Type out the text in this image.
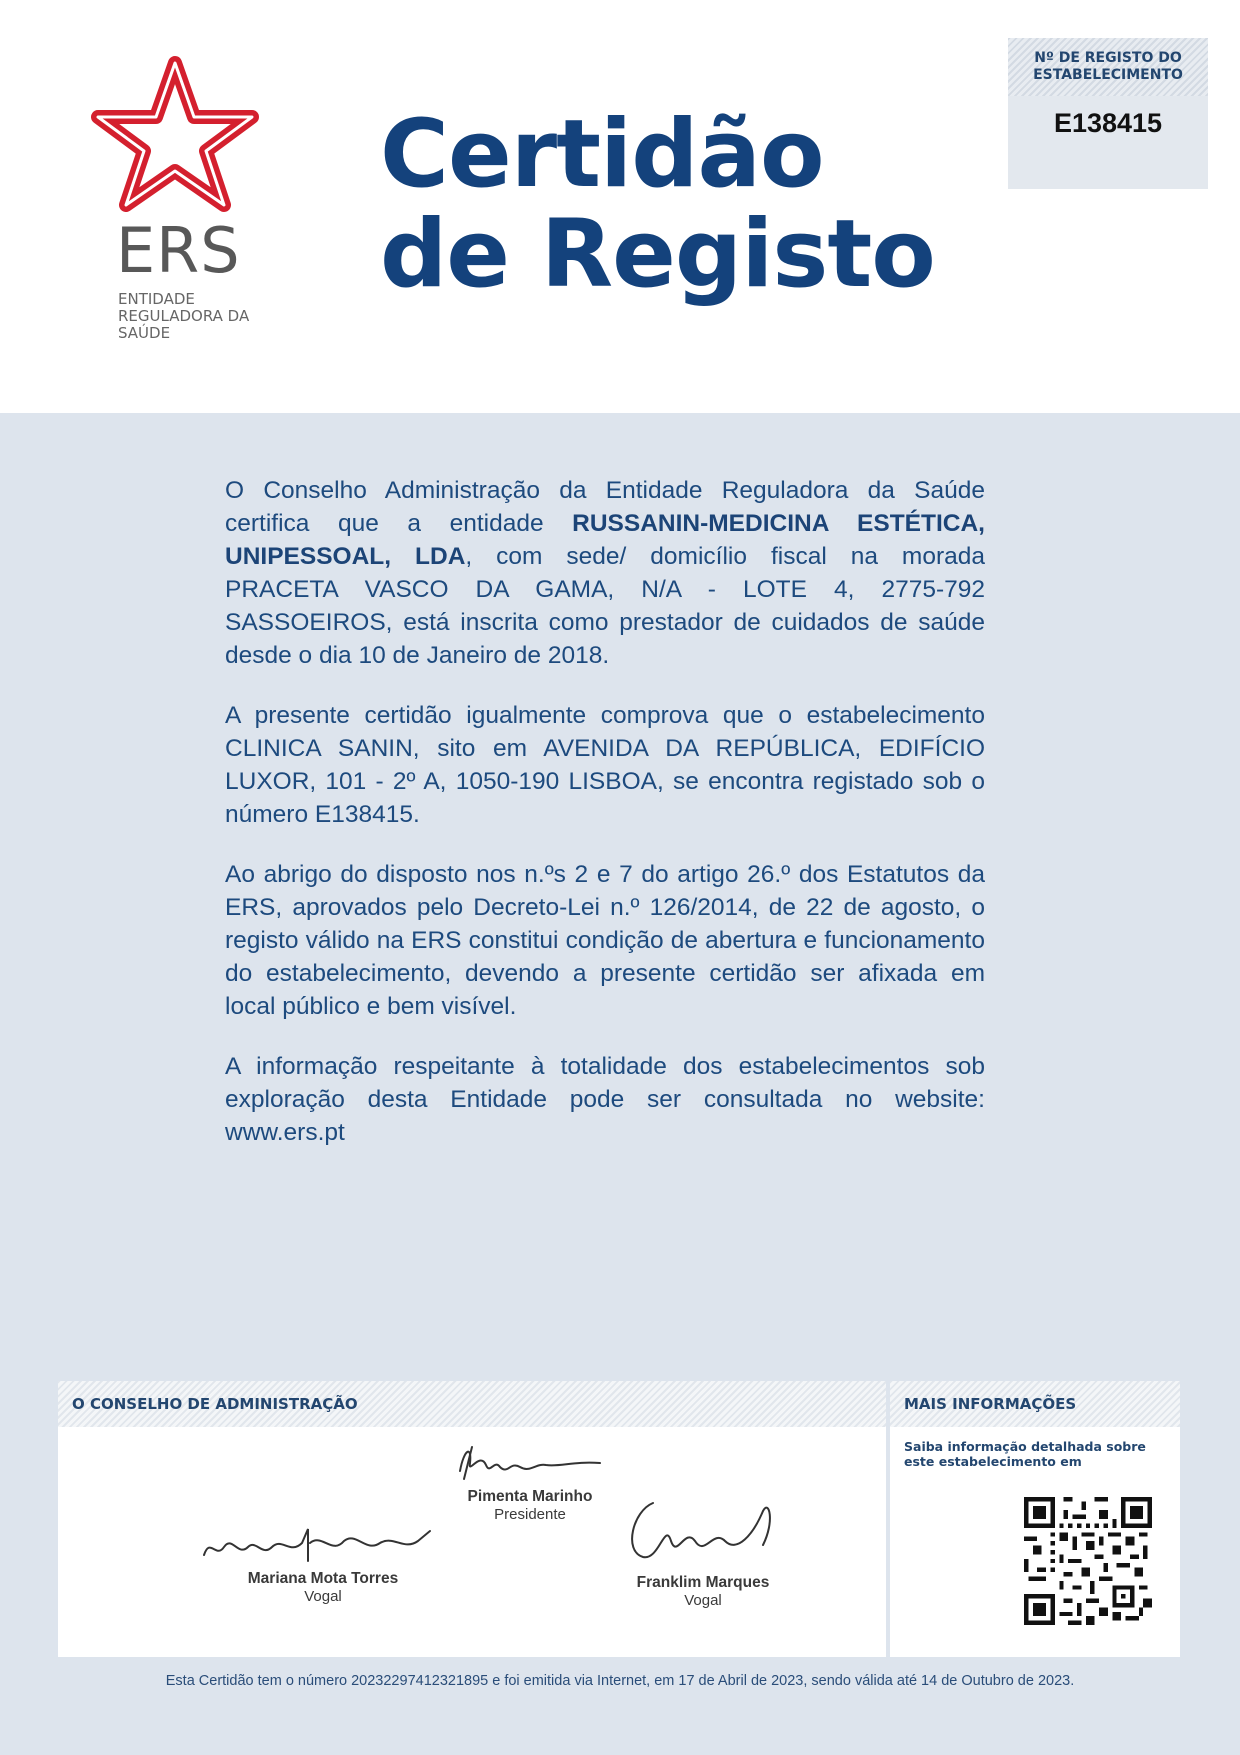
ERS
ENTIDADE REGULADORA DA SAÚDE
Certidão
de Registo
Nº DE REGISTO DO ESTABELECIMENTO
E138415

O Conselho Administração da Entidade Reguladora da Saúde certifica que a entidade RUSSANIN-MEDICINA ESTÉTICA, UNIPESSOAL, LDA, com sede/ domicílio fiscal na morada PRACETA VASCO DA GAMA, N/A - LOTE 4, 2775-792 SASSOEIROS, está inscrita como prestador de cuidados de saúde desde o dia 10 de Janeiro de 2018.

A presente certidão igualmente comprova que o estabelecimento CLINICA SANIN, sito em AVENIDA DA REPÚBLICA, EDIFÍCIO LUXOR, 101 - 2º A, 1050-190 LISBOA, se encontra registado sob o número E138415.

Ao abrigo do disposto nos n.ºs 2 e 7 do artigo 26.º dos Estatutos da ERS, aprovados pelo Decreto-Lei n.º 126/2014, de 22 de agosto, o registo válido na ERS constitui condição de abertura e funcionamento do estabelecimento, devendo a presente certidão ser afixada em local público e bem visível.

A informação respeitante à totalidade dos estabelecimentos sob exploração desta Entidade pode ser consultada no website: www.ers.pt

O CONSELHO DE ADMINISTRAÇÃO
Pimenta Marinho
Presidente
Mariana Mota Torres
Vogal
Franklim Marques
Vogal
MAIS INFORMAÇÕES
Saiba informação detalhada sobre este estabelecimento em
Esta Certidão tem o número 20232297412321895 e foi emitida via Internet, em 17 de Abril de 2023, sendo válida até 14 de Outubro de 2023.
